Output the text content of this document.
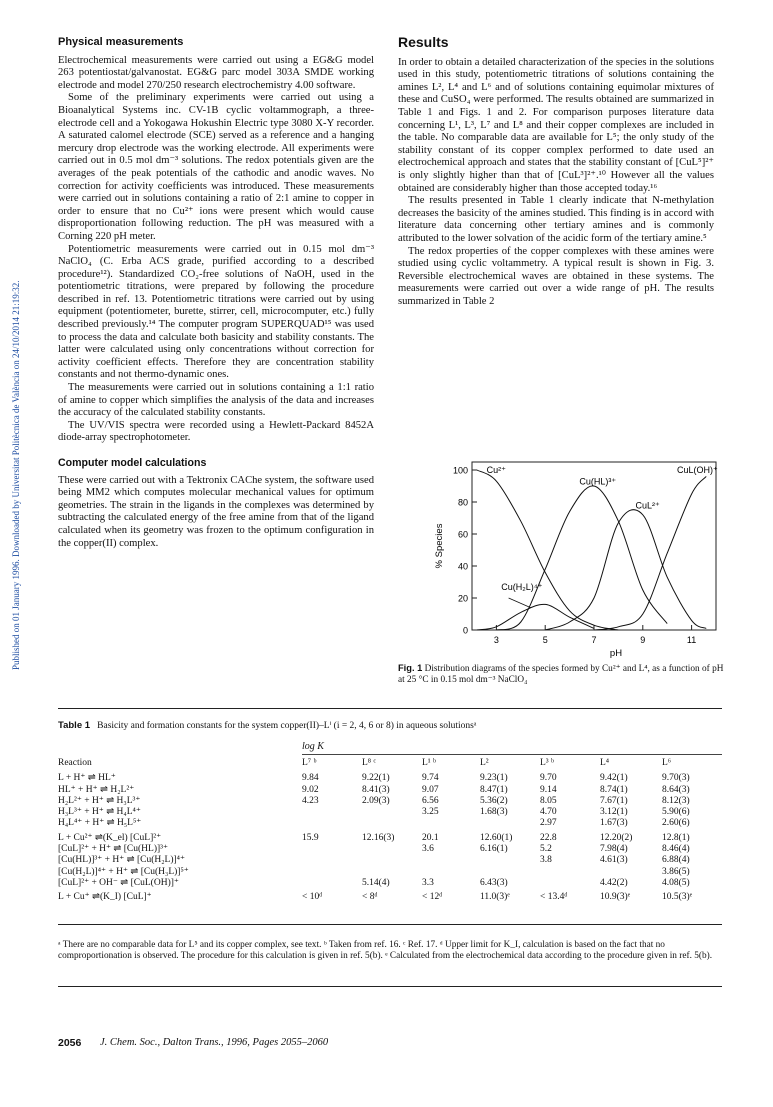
Published on 01 January 1996. Downloaded by Universitat Politècnica de València on 24/10/2014 21:19:32.
Physical measurements

Electrochemical measurements were carried out using a EG&G model 263 potentiostat/galvanostat. EG&G parc model 303A SMDE working electrode and model 270/250 research electrochemistry 4.00 software.

Some of the preliminary experiments were carried out using a Bioanalytical Systems inc. CV-1B cyclic voltammograph, a three-electrode cell and a Yokogawa Hokushin Electric type 3080 X-Y recorder. A saturated calomel electrode (SCE) served as a reference and a hanging mercury drop electrode was the working electrode. All experiments were carried out in 0.5 mol dm⁻³ solutions. The redox potentials given are the averages of the peak potentials of the cathodic and anodic waves. No correction for activity coefficients was introduced. These measurements were carried out in solutions containing a ratio of 2:1 amine to copper in order to ensure that no Cu²⁺ ions were present which would cause disproportionation following reduction. The pH was measured with a Corning 220 pH meter.

Potentiometric measurements were carried out in 0.15 mol dm⁻³ NaClO₄ (C. Erba ACS grade, purified according to a described procedure¹²). Standardized CO₂-free solutions of NaOH, used in the potentiometric titrations, were prepared by following the procedure described in ref. 13. Potentiometric titrations were carried out by using equipment (potentiometer, burette, stirrer, cell, microcomputer, etc.) fully described previously.¹⁴ The computer program SUPERQUAD¹⁵ was used to process the data and calculate both basicity and stability constants. The latter were calculated using only concentrations without correction for activity coefficient effects. Therefore they are concentration stability constants and not thermo-dynamic ones.

The measurements were carried out in solutions containing a 1:1 ratio of amine to copper which simplifies the analysis of the data and increases the accuracy of the calculated stability constants.

The UV/VIS spectra were recorded using a Hewlett-Packard 8452A diode-array spectrophotometer.

Computer model calculations

These were carried out with a Tektronix CAChe system, the software used being MM2 which computes molecular mechanical values for optimum geometries. The strain in the ligands in the complexes was determined by subtracting the calculated energy of the free amine from that of the ligand calculated when its geometry was frozen to the optimum configuration in the copper(II) complex.

Results

In order to obtain a detailed characterization of the species in the solutions used in this study, potentiometric titrations of solutions containing the amines L², L⁴ and L⁶ and of solutions containing equimolar mixtures of these and CuSO₄ were performed. The results obtained are summarized in Table 1 and Figs. 1 and 2. For comparison purposes literature data concerning L¹, L³, L⁷ and L⁸ and their copper complexes are included in the table. No comparable data are available for L⁵; the only study of the stability constant of its copper complex performed to date used an electrochemical approach and states that the stability constant of [CuL⁵]²⁺ is only slightly higher than that of [CuL³]²⁺.¹⁰ However all the values obtained are considerably higher than those accepted today.¹⁶

The results presented in Table 1 clearly indicate that N-methylation decreases the basicity of the amines studied. This finding is in accord with literature data concerning other tertiary amines and is commonly attributed to the lower solvation of the acidic form of the tertiary amine.⁵

The redox properties of the copper complexes with these amines were studied using cyclic voltammetry. A typical result is shown in Fig. 3. Reversible electrochemical waves are obtained in these systems. The measurements were carried out over a wide range of pH. The results summarized in Table 2

0
20
40
60
80
100
3	5	7	9	11
% Species
pH
Cu²⁺
Cu(HL)³⁺
CuL(OH)⁺
CuL²⁺
Cu(H₂L)⁴⁺
Fig. 1 Distribution diagrams of the species formed by Cu²⁺ and L⁴, as a function of pH at 25 °C in 0.15 mol dm⁻³ NaClO₄
Table 1 Basicity and formation constants for the system copper(II)–Lⁱ (i = 2, 4, 6 or 8) in aqueous solutionsᵃ
log K
Reaction	L⁷ ᵇ	L⁸ ᶜ	L¹ ᵇ	L²	L³ ᵇ	L⁴	L⁶
L + H⁺ ⇌ HL⁺	9.84	9.22(1)	9.74	9.23(1)	9.70	9.42(1)	9.70(3)
HL⁺ + H⁺ ⇌ H₂L²⁺	9.02	8.41(3)	9.07	8.47(1)	9.14	8.74(1)	8.64(3)
H₂L²⁺ + H⁺ ⇌ H₃L³⁺	4.23	2.09(3)	6.56	5.36(2)	8.05	7.67(1)	8.12(3)
H₃L³⁺ + H⁺ ⇌ H₄L⁴⁺			3.25	1.68(3)	4.70	3.12(1)	5.90(6)
H₄L⁴⁺ + H⁺ ⇌ H₅L⁵⁺					2.97	1.67(3)	2.60(6)
L + Cu²⁺ ⇌(K_el) [CuL]²⁺	15.9	12.16(3)	20.1	12.60(1)	22.8	12.20(2)	12.8(1)
[CuL]²⁺ + H⁺ ⇌ [Cu(HL)]³⁺			3.6	6.16(1)	5.2	7.98(4)	8.46(4)
[Cu(HL)]³⁺ + H⁺ ⇌ [Cu(H₂L)]⁴⁺					3.8	4.61(3)	6.88(4)
[Cu(H₂L)]⁴⁺ + H⁺ ⇌ [Cu(H₃L)]⁵⁺							3.86(5)
[CuL]²⁺ + OH⁻ ⇌ [CuL(OH)]⁺		5.14(4)	3.3	6.43(3)		4.42(2)	4.08(5)
L + Cu⁺ ⇌(K_I) [CuL]⁺	< 10ᵈ	< 8ᵈ	< 12ᵈ	11.0(3)ᵉ	< 13.4ᵈ	10.9(3)ᵉ	10.5(3)ᵉ
ᵃ There are no comparable data for L⁵ and its copper complex, see text. ᵇ Taken from ref. 16. ᶜ Ref. 17. ᵈ Upper limit for K_I, calculation is based on the fact that no comproportionation is observed. The procedure for this calculation is given in ref. 5(b). ᵉ Calculated from the electrochemical data according to the procedure given in ref. 5(b).
2056 J. Chem. Soc., Dalton Trans., 1996, Pages 2055–2060
